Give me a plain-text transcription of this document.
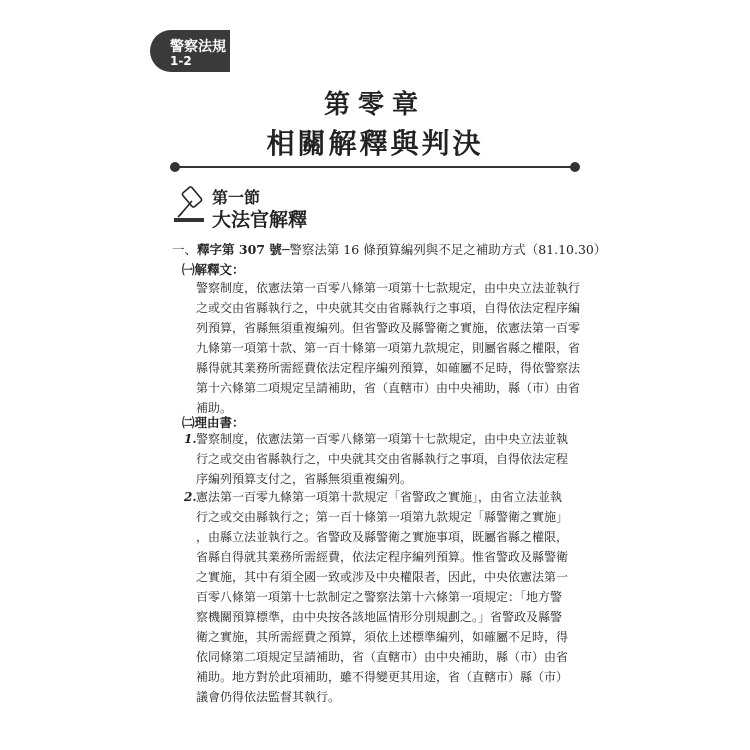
警察法規
1-2
第零章
相關解釋與判決
第一節
大法官解釋
一、釋字第 307 號─警察法第 16 條預算編列與不足之補助方式（81.10.30）
㈠解釋文：
警察制度，依憲法第一百零八條第一項第十七款規定，由中央立法並執行
之或交由省縣執行之，中央就其交由省縣執行之事項，自得依法定程序編
列預算，省縣無須重複編列。但省警政及縣警衛之實施，依憲法第一百零
九條第一項第十款、第一百十條第一項第九款規定，則屬省縣之權限，省
縣得就其業務所需經費依法定程序編列預算，如確屬不足時，得依警察法
第十六條第二項規定呈請補助，省（直轄市）由中央補助，縣（市）由省
補助。
㈡理由書：
1. 警察制度，依憲法第一百零八條第一項第十七款規定，由中央立法並執
行之或交由省縣執行之，中央就其交由省縣執行之事項，自得依法定程
序編列預算支付之，省縣無須重複編列。
2. 憲法第一百零九條第一項第十款規定「省警政之實施」，由省立法並執
行之或交由縣執行之；第一百十條第一項第九款規定「縣警衛之實施」
，由縣立法並執行之。省警政及縣警衛之實施事項，既屬省縣之權限，
省縣自得就其業務所需經費，依法定程序編列預算。惟省警政及縣警衛
之實施，其中有須全國一致或涉及中央權限者，因此，中央依憲法第一
百零八條第一項第十七款制定之警察法第十六條第一項規定：「地方警
察機關預算標準，由中央按各該地區情形分別規劃之。」省警政及縣警
衛之實施，其所需經費之預算，須依上述標準編列，如確屬不足時，得
依同條第二項規定呈請補助，省（直轄市）由中央補助，縣（市）由省
補助。地方對於此項補助，雖不得變更其用途，省（直轄市）縣（市）
議會仍得依法監督其執行。
